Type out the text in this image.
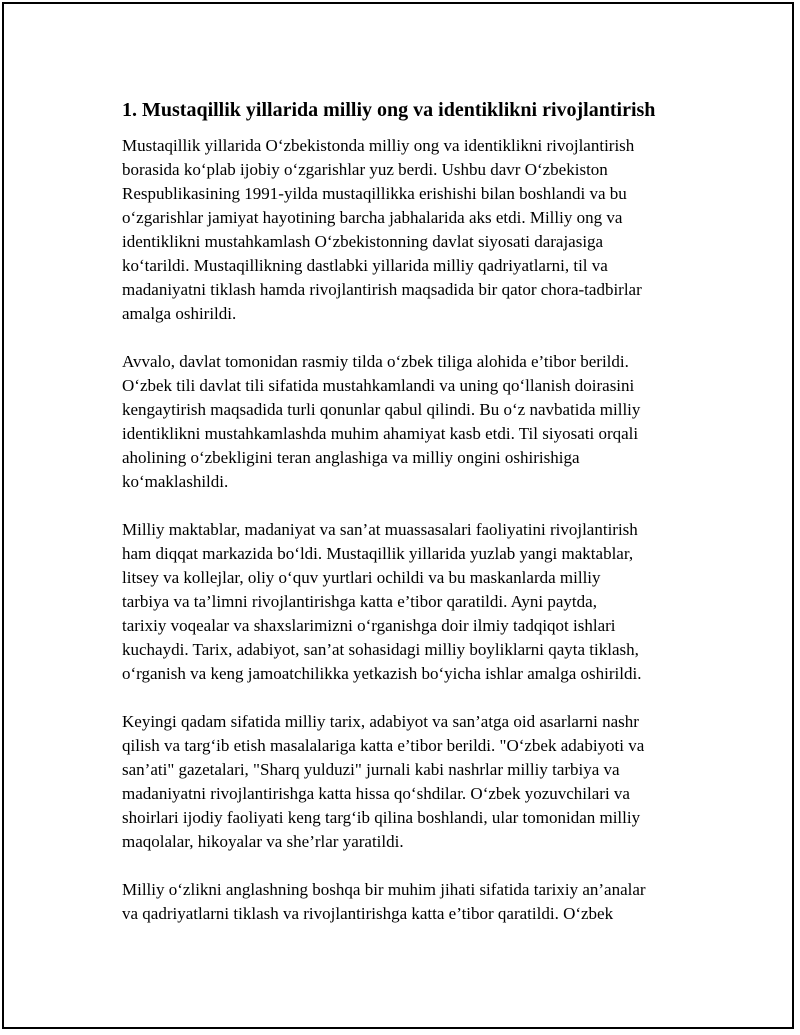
1. Mustaqillik yillarida milliy ong va identiklikni rivojlantirish
Mustaqillik yillarida O‘zbekistonda milliy ong va identiklikni rivojlantirish
borasida ko‘plab ijobiy o‘zgarishlar yuz berdi. Ushbu davr O‘zbekiston
Respublikasining 1991-yilda mustaqillikka erishishi bilan boshlandi va bu
o‘zgarishlar jamiyat hayotining barcha jabhalarida aks etdi. Milliy ong va
identiklikni mustahkamlash O‘zbekistonning davlat siyosati darajasiga
ko‘tarildi. Mustaqillikning dastlabki yillarida milliy qadriyatlarni, til va
madaniyatni tiklash hamda rivojlantirish maqsadida bir qator chora-tadbirlar
amalga oshirildi.
Avvalo, davlat tomonidan rasmiy tilda o‘zbek tiliga alohida e’tibor berildi.
O‘zbek tili davlat tili sifatida mustahkamlandi va uning qo‘llanish doirasini
kengaytirish maqsadida turli qonunlar qabul qilindi. Bu o‘z navbatida milliy
identiklikni mustahkamlashda muhim ahamiyat kasb etdi. Til siyosati orqali
aholining o‘zbekligini teran anglashiga va milliy ongini oshirishiga
ko‘maklashildi.
Milliy maktablar, madaniyat va san’at muassasalari faoliyatini rivojlantirish
ham diqqat markazida bo‘ldi. Mustaqillik yillarida yuzlab yangi maktablar,
litsey va kollejlar, oliy o‘quv yurtlari ochildi va bu maskanlarda milliy
tarbiya va ta’limni rivojlantirishga katta e’tibor qaratildi. Ayni paytda,
tarixiy voqealar va shaxslarimizni o‘rganishga doir ilmiy tadqiqot ishlari
kuchaydi. Tarix, adabiyot, san’at sohasidagi milliy boyliklarni qayta tiklash,
o‘rganish va keng jamoatchilikka yetkazish bo‘yicha ishlar amalga oshirildi.
Keyingi qadam sifatida milliy tarix, adabiyot va san’atga oid asarlarni nashr
qilish va targ‘ib etish masalalariga katta e’tibor berildi. "O‘zbek adabiyoti va
san’ati" gazetalari, "Sharq yulduzi" jurnali kabi nashrlar milliy tarbiya va
madaniyatni rivojlantirishga katta hissa qo‘shdilar. O‘zbek yozuvchilari va
shoirlari ijodiy faoliyati keng targ‘ib qilina boshlandi, ular tomonidan milliy
maqolalar, hikoyalar va she’rlar yaratildi.
Milliy o‘zlikni anglashning boshqa bir muhim jihati sifatida tarixiy an’analar
va qadriyatlarni tiklash va rivojlantirishga katta e’tibor qaratildi. O‘zbek
